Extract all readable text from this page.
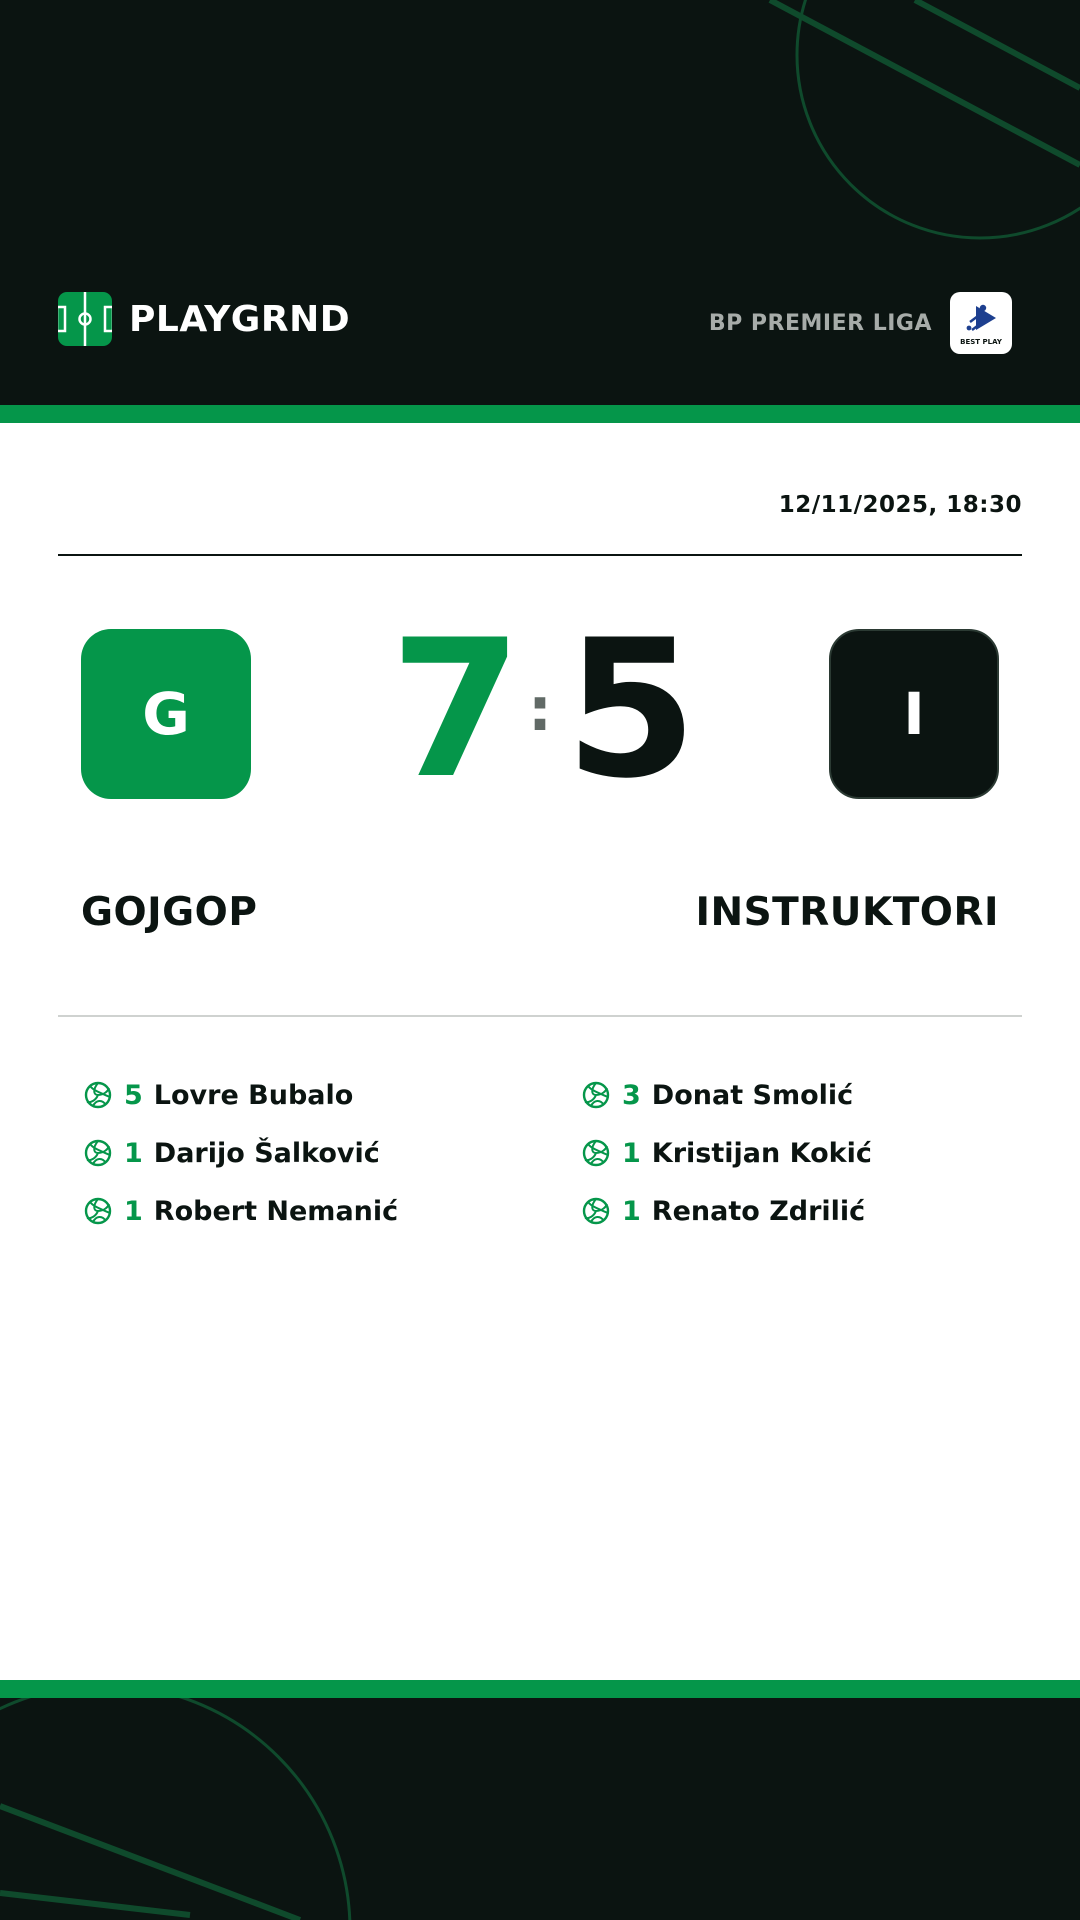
PLAYGRND	BP PREMIER LIGA
BEST PLAY
12/11/2025, 18:30
G	7 : 5	I
GOJGOP	INSTRUKTORI
5 Lovre Bubalo
1 Darijo Šalković
1 Robert Nemanić
3 Donat Smolić
1 Kristijan Kokić
1 Renato Zdrilić
